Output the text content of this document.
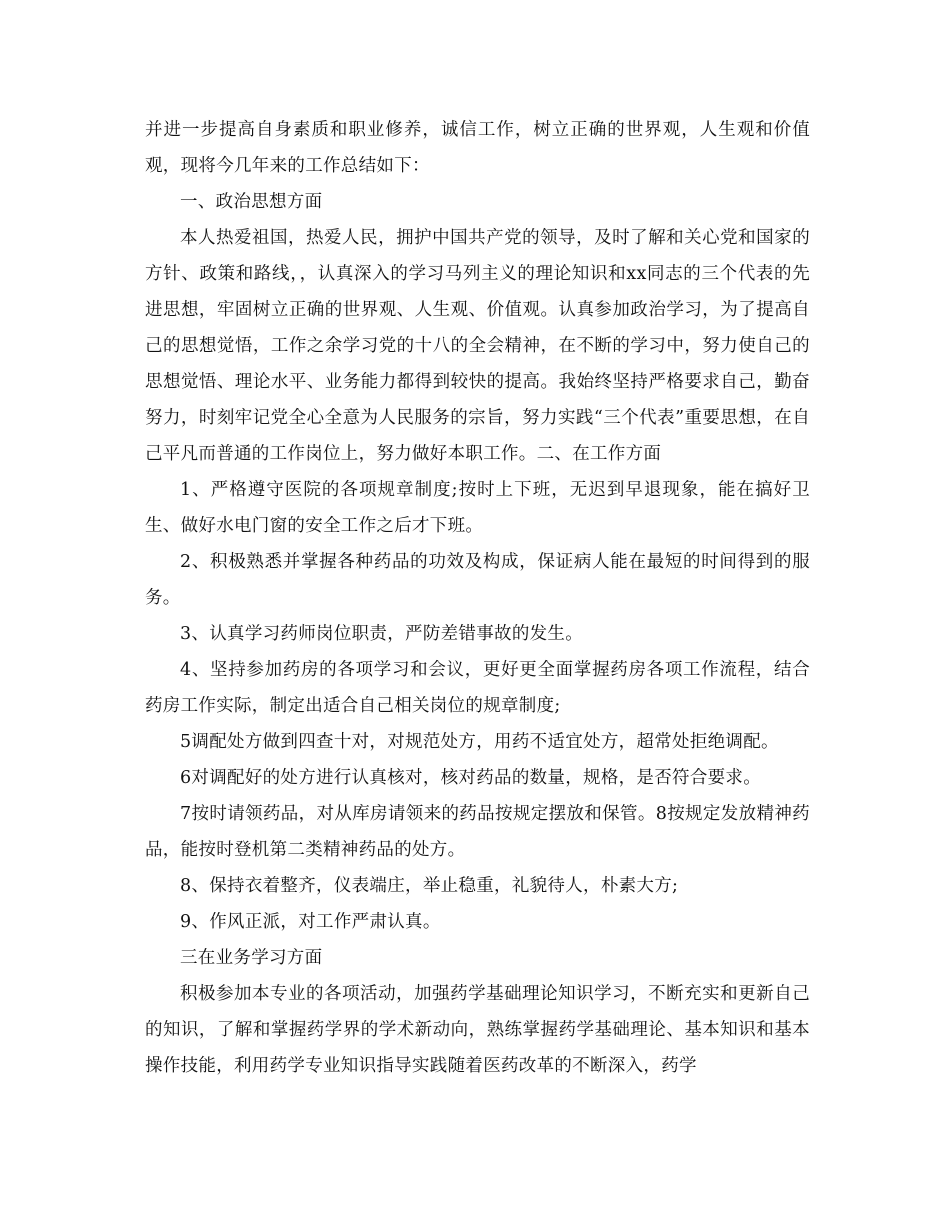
并进一步提高自身素质和职业修养，诚信工作，树立正确的世界观，人生观和价值观，现将今几年来的工作总结如下：

一、政治思想方面

本人热爱祖国，热爱人民，拥护中国共产党的领导，及时了解和关心党和国家的方针、政策和路线，，认真深入的学习马列主义的理论知识和xx同志的三个代表的先进思想，牢固树立正确的世界观、人生观、价值观。认真参加政治学习，为了提高自己的思想觉悟，工作之余学习党的十八的全会精神，在不断的学习中，努力使自己的思想觉悟、理论水平、业务能力都得到较快的提高。我始终坚持严格要求自己，勤奋努力，时刻牢记党全心全意为人民服务的宗旨，努力实践“三个代表”重要思想，在自己平凡而普通的工作岗位上，努力做好本职工作。二、在工作方面

1、严格遵守医院的各项规章制度;按时上下班，无迟到早退现象，能在搞好卫生、做好水电门窗的安全工作之后才下班。

2、积极熟悉并掌握各种药品的功效及构成，保证病人能在最短的时间得到的服务。

3、认真学习药师岗位职责，严防差错事故的发生。

4、坚持参加药房的各项学习和会议，更好更全面掌握药房各项工作流程，结合药房工作实际，制定出适合自己相关岗位的规章制度;

5调配处方做到四查十对，对规范处方，用药不适宜处方，超常处拒绝调配。

6对调配好的处方进行认真核对，核对药品的数量，规格，是否符合要求。

7按时请领药品，对从库房请领来的药品按规定摆放和保管。8按规定发放精神药品，能按时登机第二类精神药品的处方。

8、保持衣着整齐，仪表端庄，举止稳重，礼貌待人，朴素大方;

9、作风正派，对工作严肃认真。

三在业务学习方面

积极参加本专业的各项活动，加强药学基础理论知识学习，不断充实和更新自己的知识，了解和掌握药学界的学术新动向，熟练掌握药学基础理论、基本知识和基本操作技能，利用药学专业知识指导实践随着医药改革的不断深入，药学
